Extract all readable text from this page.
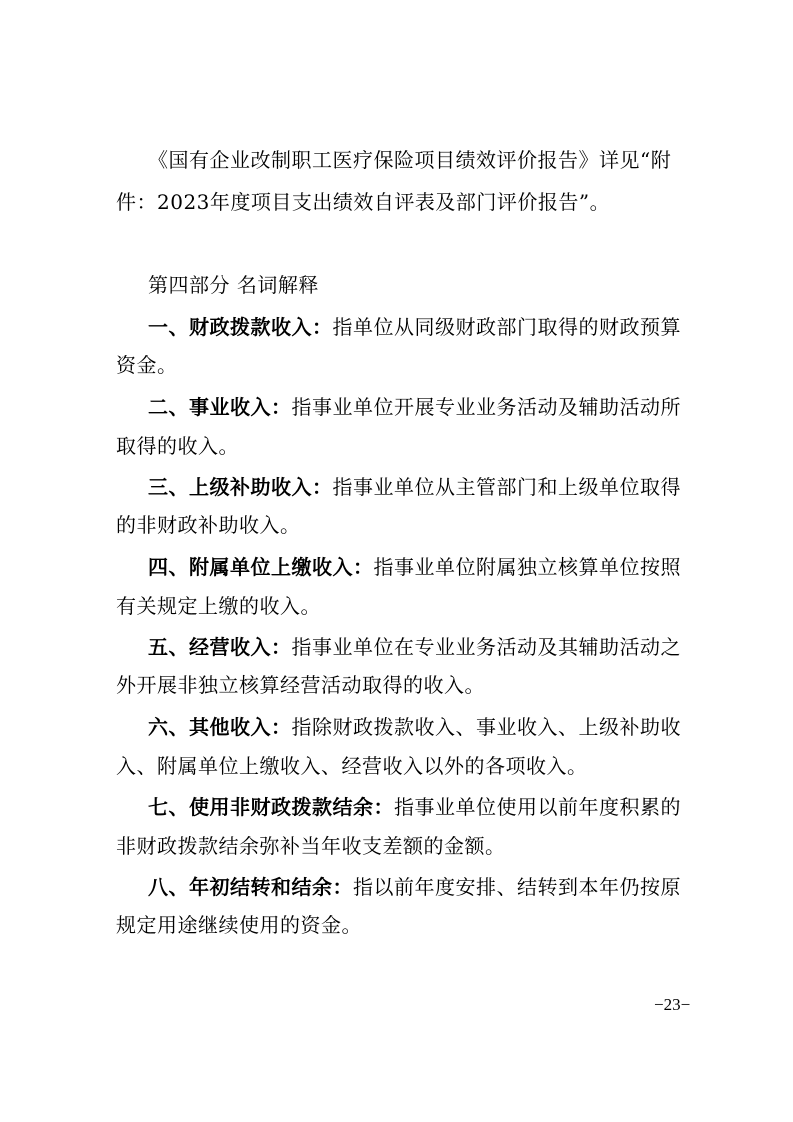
《国有企业改制职工医疗保险项目绩效评价报告》详见“附
件：2023年度项目支出绩效自评表及部门评价报告”。
第四部分 名词解释
一、财政拨款收入：指单位从同级财政部门取得的财政预算
资金。
二、事业收入：指事业单位开展专业业务活动及辅助活动所
取得的收入。
三、上级补助收入：指事业单位从主管部门和上级单位取得
的非财政补助收入。
四、附属单位上缴收入：指事业单位附属独立核算单位按照
有关规定上缴的收入。
五、经营收入：指事业单位在专业业务活动及其辅助活动之
外开展非独立核算经营活动取得的收入。
六、其他收入：指除财政拨款收入、事业收入、上级补助收
入、附属单位上缴收入、经营收入以外的各项收入。
七、使用非财政拨款结余：指事业单位使用以前年度积累的
非财政拨款结余弥补当年收支差额的金额。
八、年初结转和结余：指以前年度安排、结转到本年仍按原
规定用途继续使用的资金。
−23−
